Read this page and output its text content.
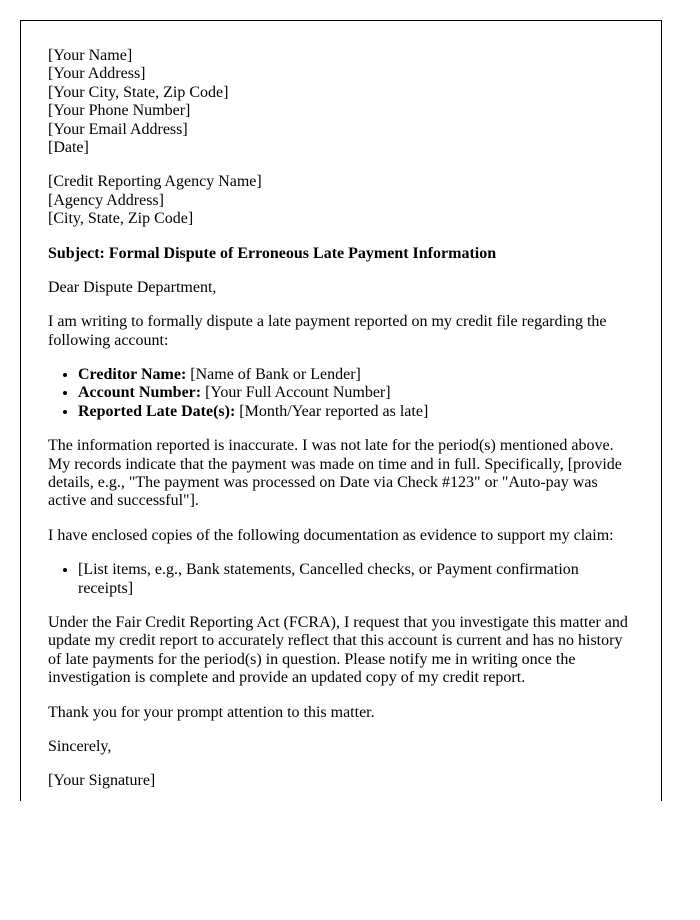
[Your Name]
[Your Address]
[Your City, State, Zip Code]
[Your Phone Number]
[Your Email Address]
[Date]
[Credit Reporting Agency Name]
[Agency Address]
[City, State, Zip Code]
Subject: Formal Dispute of Erroneous Late Payment Information
Dear Dispute Department,
I am writing to formally dispute a late payment reported on my credit file regarding the following account:
• Creditor Name: [Name of Bank or Lender]
• Account Number: [Your Full Account Number]
• Reported Late Date(s): [Month/Year reported as late]
The information reported is inaccurate. I was not late for the period(s) mentioned above. My records indicate that the payment was made on time and in full. Specifically, [provide details, e.g., "The payment was processed on Date via Check #123" or "Auto-pay was active and successful"].
I have enclosed copies of the following documentation as evidence to support my claim:
• [List items, e.g., Bank statements, Cancelled checks, or Payment confirmation receipts]
Under the Fair Credit Reporting Act (FCRA), I request that you investigate this matter and update my credit report to accurately reflect that this account is current and has no history of late payments for the period(s) in question. Please notify me in writing once the investigation is complete and provide an updated copy of my credit report.
Thank you for your prompt attention to this matter.
Sincerely,
[Your Signature]
